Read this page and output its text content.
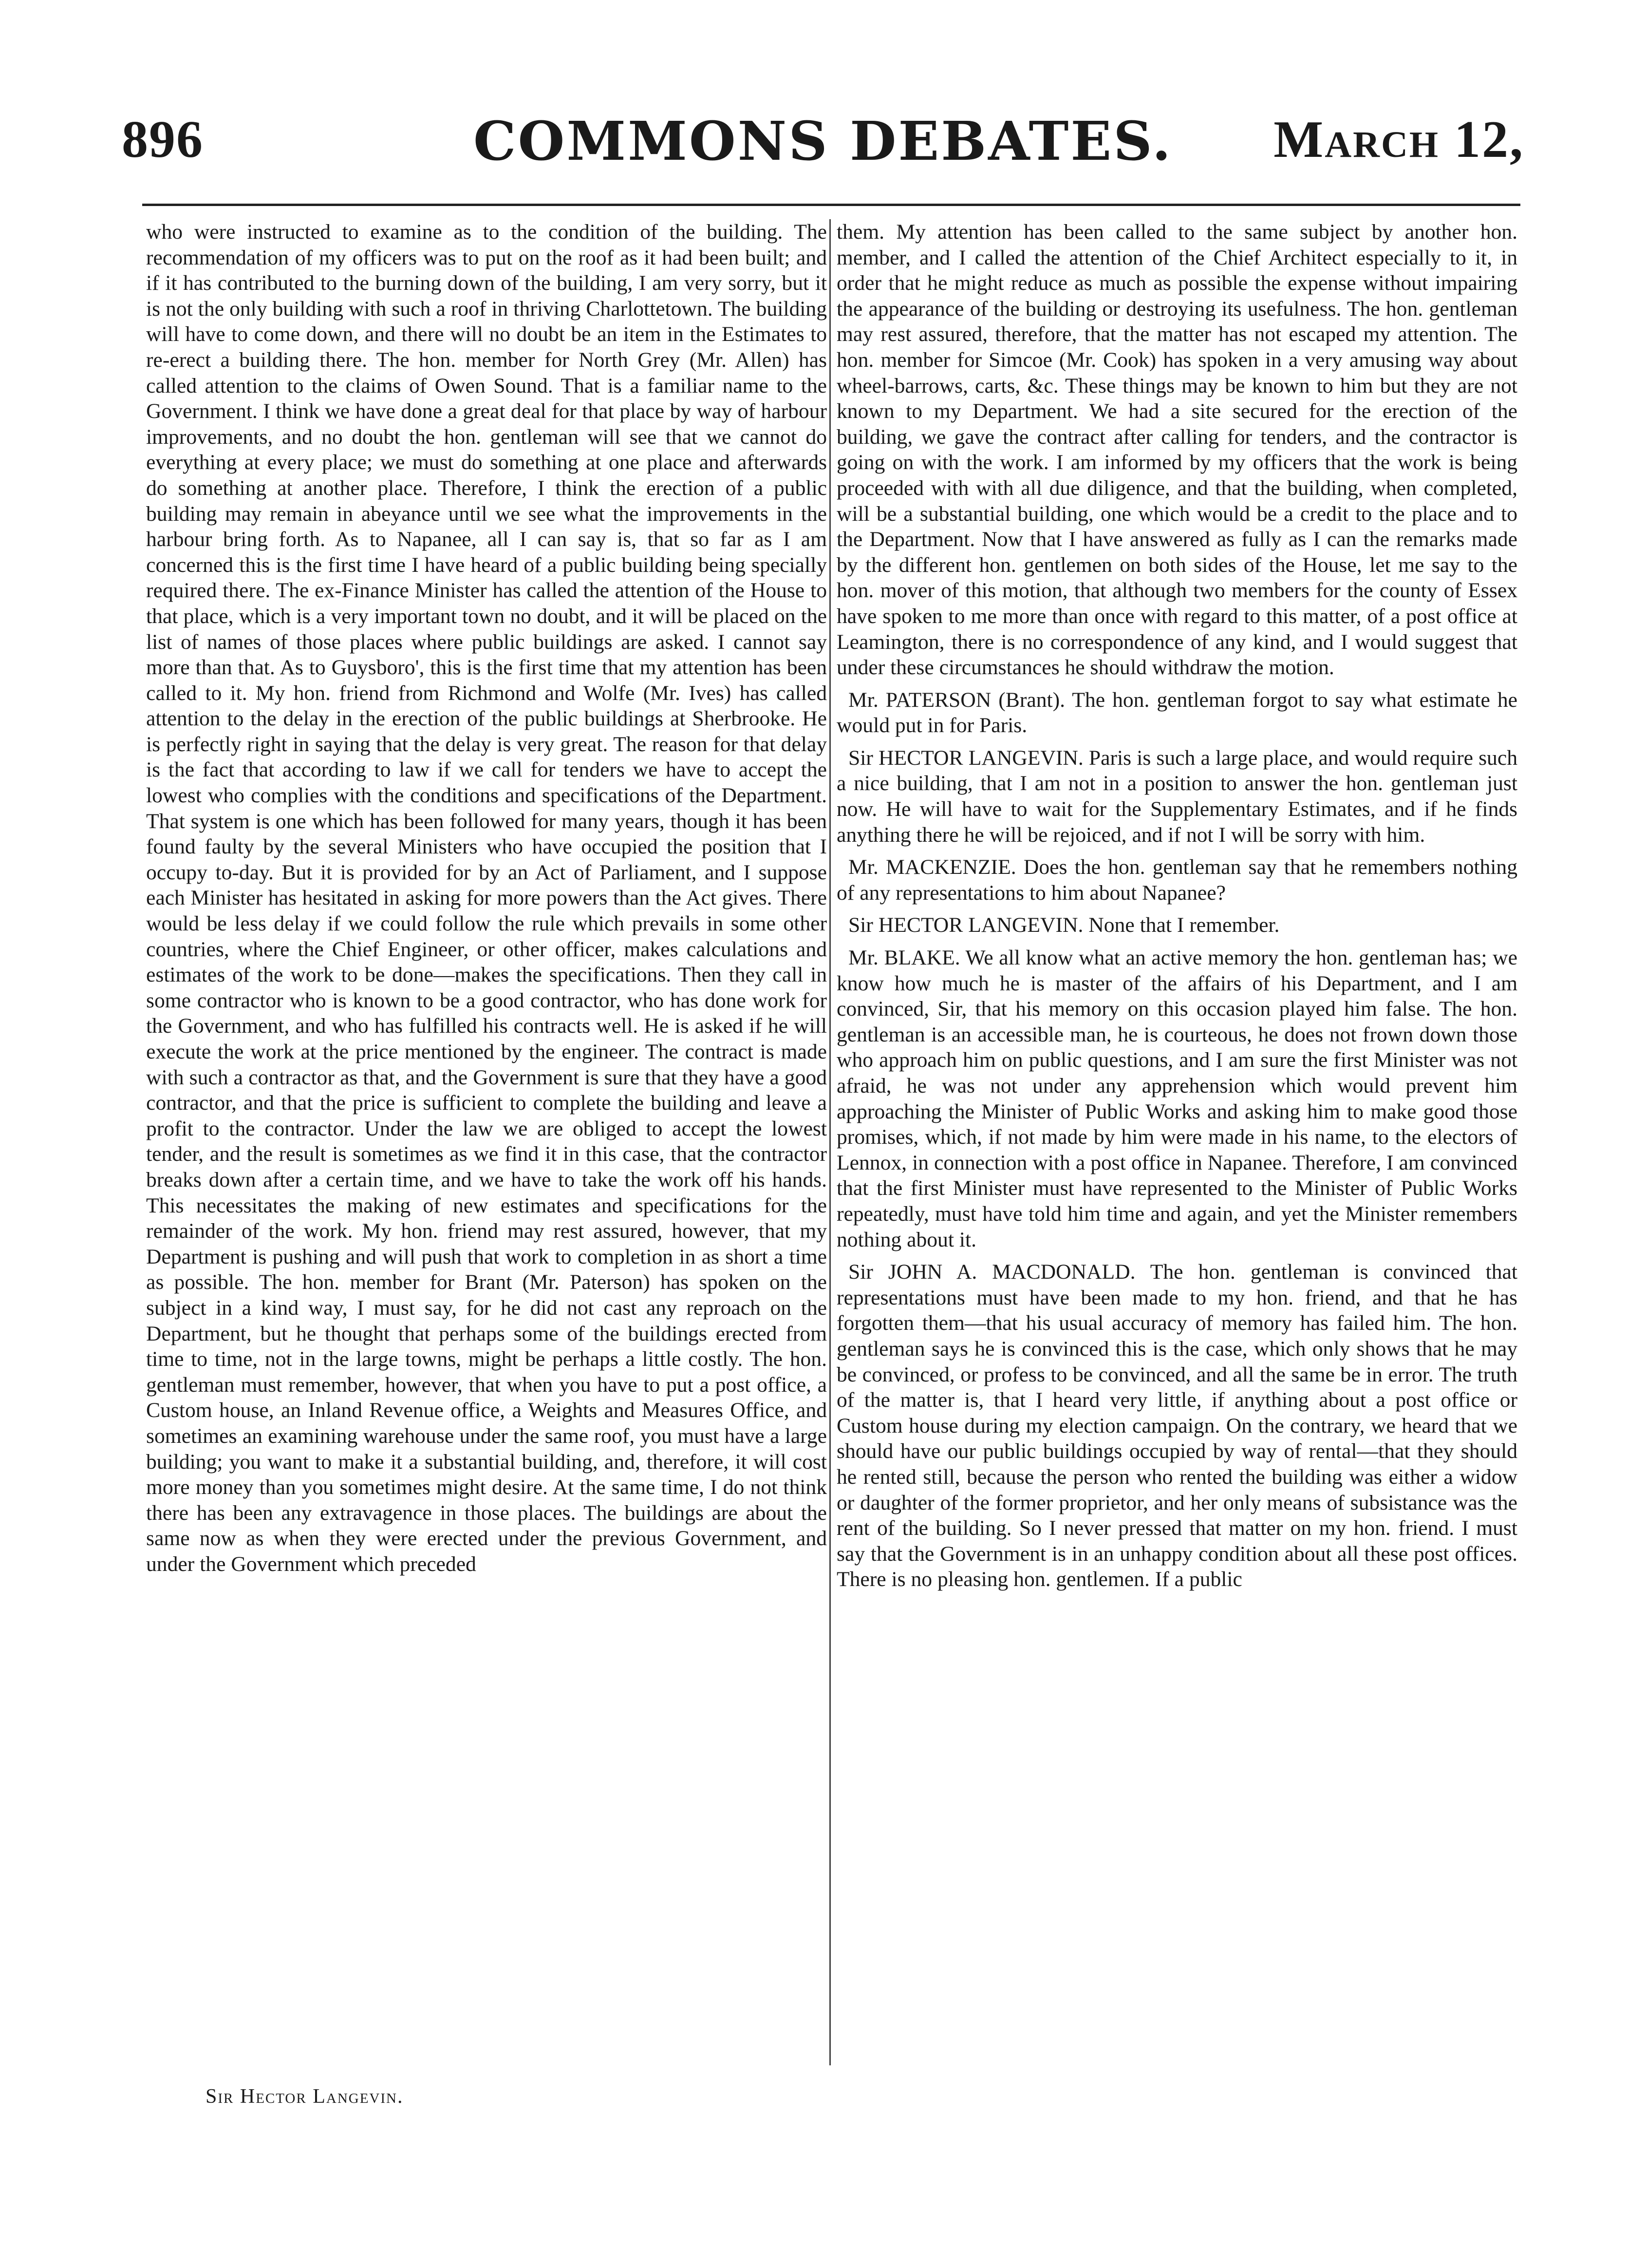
896	COMMONS DEBATES.	March 12,

who were instructed to examine as to the condition of the building. The recommendation of my officers was to put on the roof as it had been built; and if it has contributed to the burning down of the building, I am very sorry, but it is not the only building with such a roof in thriving Charlottetown. The building will have to come down, and there will no doubt be an item in the Estimates to re-erect a building there. The hon. member for North Grey (Mr. Allen) has called attention to the claims of Owen Sound. That is a familiar name to the Government. I think we have done a great deal for that place by way of harbour improvements, and no doubt the hon. gentleman will see that we cannot do everything at every place; we must do something at one place and afterwards do something at another place. Therefore, I think the erection of a public building may remain in abeyance until we see what the improvements in the harbour bring forth. As to Napanee, all I can say is, that so far as I am concerned this is the first time I have heard of a public building being specially required there. The ex-Finance Minister has called the attention of the House to that place, which is a very important town no doubt, and it will be placed on the list of names of those places where public buildings are asked. I cannot say more than that. As to Guysboro', this is the first time that my attention has been called to it. My hon. friend from Richmond and Wolfe (Mr. Ives) has called attention to the delay in the erection of the public buildings at Sherbrooke. He is perfectly right in saying that the delay is very great. The reason for that delay is the fact that according to law if we call for tenders we have to accept the lowest who complies with the conditions and specifications of the Department. That system is one which has been followed for many years, though it has been found faulty by the several Ministers who have occupied the position that I occupy to-day. But it is provided for by an Act of Parliament, and I suppose each Minister has hesitated in asking for more powers than the Act gives. There would be less delay if we could follow the rule which prevails in some other countries, where the Chief Engineer, or other officer, makes calculations and estimates of the work to be done—makes the specifications. Then they call in some contractor who is known to be a good contractor, who has done work for the Government, and who has fulfilled his contracts well. He is asked if he will execute the work at the price mentioned by the engineer. The contract is made with such a contractor as that, and the Government is sure that they have a good contractor, and that the price is sufficient to complete the building and leave a profit to the contractor. Under the law we are obliged to accept the lowest tender, and the result is sometimes as we find it in this case, that the contractor breaks down after a certain time, and we have to take the work off his hands. This necessitates the making of new estimates and specifications for the remainder of the work. My hon. friend may rest assured, however, that my Department is pushing and will push that work to completion in as short a time as possible. The hon. member for Brant (Mr. Paterson) has spoken on the subject in a kind way, I must say, for he did not cast any reproach on the Department, but he thought that perhaps some of the buildings erected from time to time, not in the large towns, might be perhaps a little costly. The hon. gentleman must remember, however, that when you have to put a post office, a Custom house, an Inland Revenue office, a Weights and Measures Office, and sometimes an examining warehouse under the same roof, you must have a large building; you want to make it a substantial building, and, therefore, it will cost more money than you sometimes might desire. At the same time, I do not think there has been any extravagence in those places. The buildings are about the same now as when they were erected under the previous Government, and under the Government which preceded

them. My attention has been called to the same subject by another hon. member, and I called the attention of the Chief Architect especially to it, in order that he might reduce as much as possible the expense without impairing the appearance of the building or destroying its usefulness. The hon. gentleman may rest assured, therefore, that the matter has not escaped my attention. The hon. member for Simcoe (Mr. Cook) has spoken in a very amusing way about wheel-barrows, carts, &c. These things may be known to him but they are not known to my Department. We had a site secured for the erection of the building, we gave the contract after calling for tenders, and the contractor is going on with the work. I am informed by my officers that the work is being proceeded with with all due diligence, and that the building, when completed, will be a substantial building, one which would be a credit to the place and to the Department. Now that I have answered as fully as I can the remarks made by the different hon. gentlemen on both sides of the House, let me say to the hon. mover of this motion, that although two members for the county of Essex have spoken to me more than once with regard to this matter, of a post office at Leamington, there is no correspondence of any kind, and I would suggest that under these circumstances he should withdraw the motion.

Mr. PATERSON (Brant). The hon. gentleman forgot to say what estimate he would put in for Paris.

Sir HECTOR LANGEVIN. Paris is such a large place, and would require such a nice building, that I am not in a position to answer the hon. gentleman just now. He will have to wait for the Supplementary Estimates, and if he finds anything there he will be rejoiced, and if not I will be sorry with him.

Mr. MACKENZIE. Does the hon. gentleman say that he remembers nothing of any representations to him about Napanee?

Sir HECTOR LANGEVIN. None that I remember.

Mr. BLAKE. We all know what an active memory the hon. gentleman has; we know how much he is master of the affairs of his Department, and I am convinced, Sir, that his memory on this occasion played him false. The hon. gentleman is an accessible man, he is courteous, he does not frown down those who approach him on public questions, and I am sure the first Minister was not afraid, he was not under any apprehension which would prevent him approaching the Minister of Public Works and asking him to make good those promises, which, if not made by him were made in his name, to the electors of Lennox, in connection with a post office in Napanee. Therefore, I am convinced that the first Minister must have represented to the Minister of Public Works repeatedly, must have told him time and again, and yet the Minister remembers nothing about it.

Sir JOHN A. MACDONALD. The hon. gentleman is convinced that representations must have been made to my hon. friend, and that he has forgotten them—that his usual accuracy of memory has failed him. The hon. gentleman says he is convinced this is the case, which only shows that he may be convinced, or profess to be convinced, and all the same be in error. The truth of the matter is, that I heard very little, if anything about a post office or Custom house during my election campaign. On the contrary, we heard that we should have our public buildings occupied by way of rental—that they should he rented still, because the person who rented the building was either a widow or daughter of the former proprietor, and her only means of subsistance was the rent of the building. So I never pressed that matter on my hon. friend. I must say that the Government is in an unhappy condition about all these post offices. There is no pleasing hon. gentlemen. If a public

Sir Hector Langevin.
